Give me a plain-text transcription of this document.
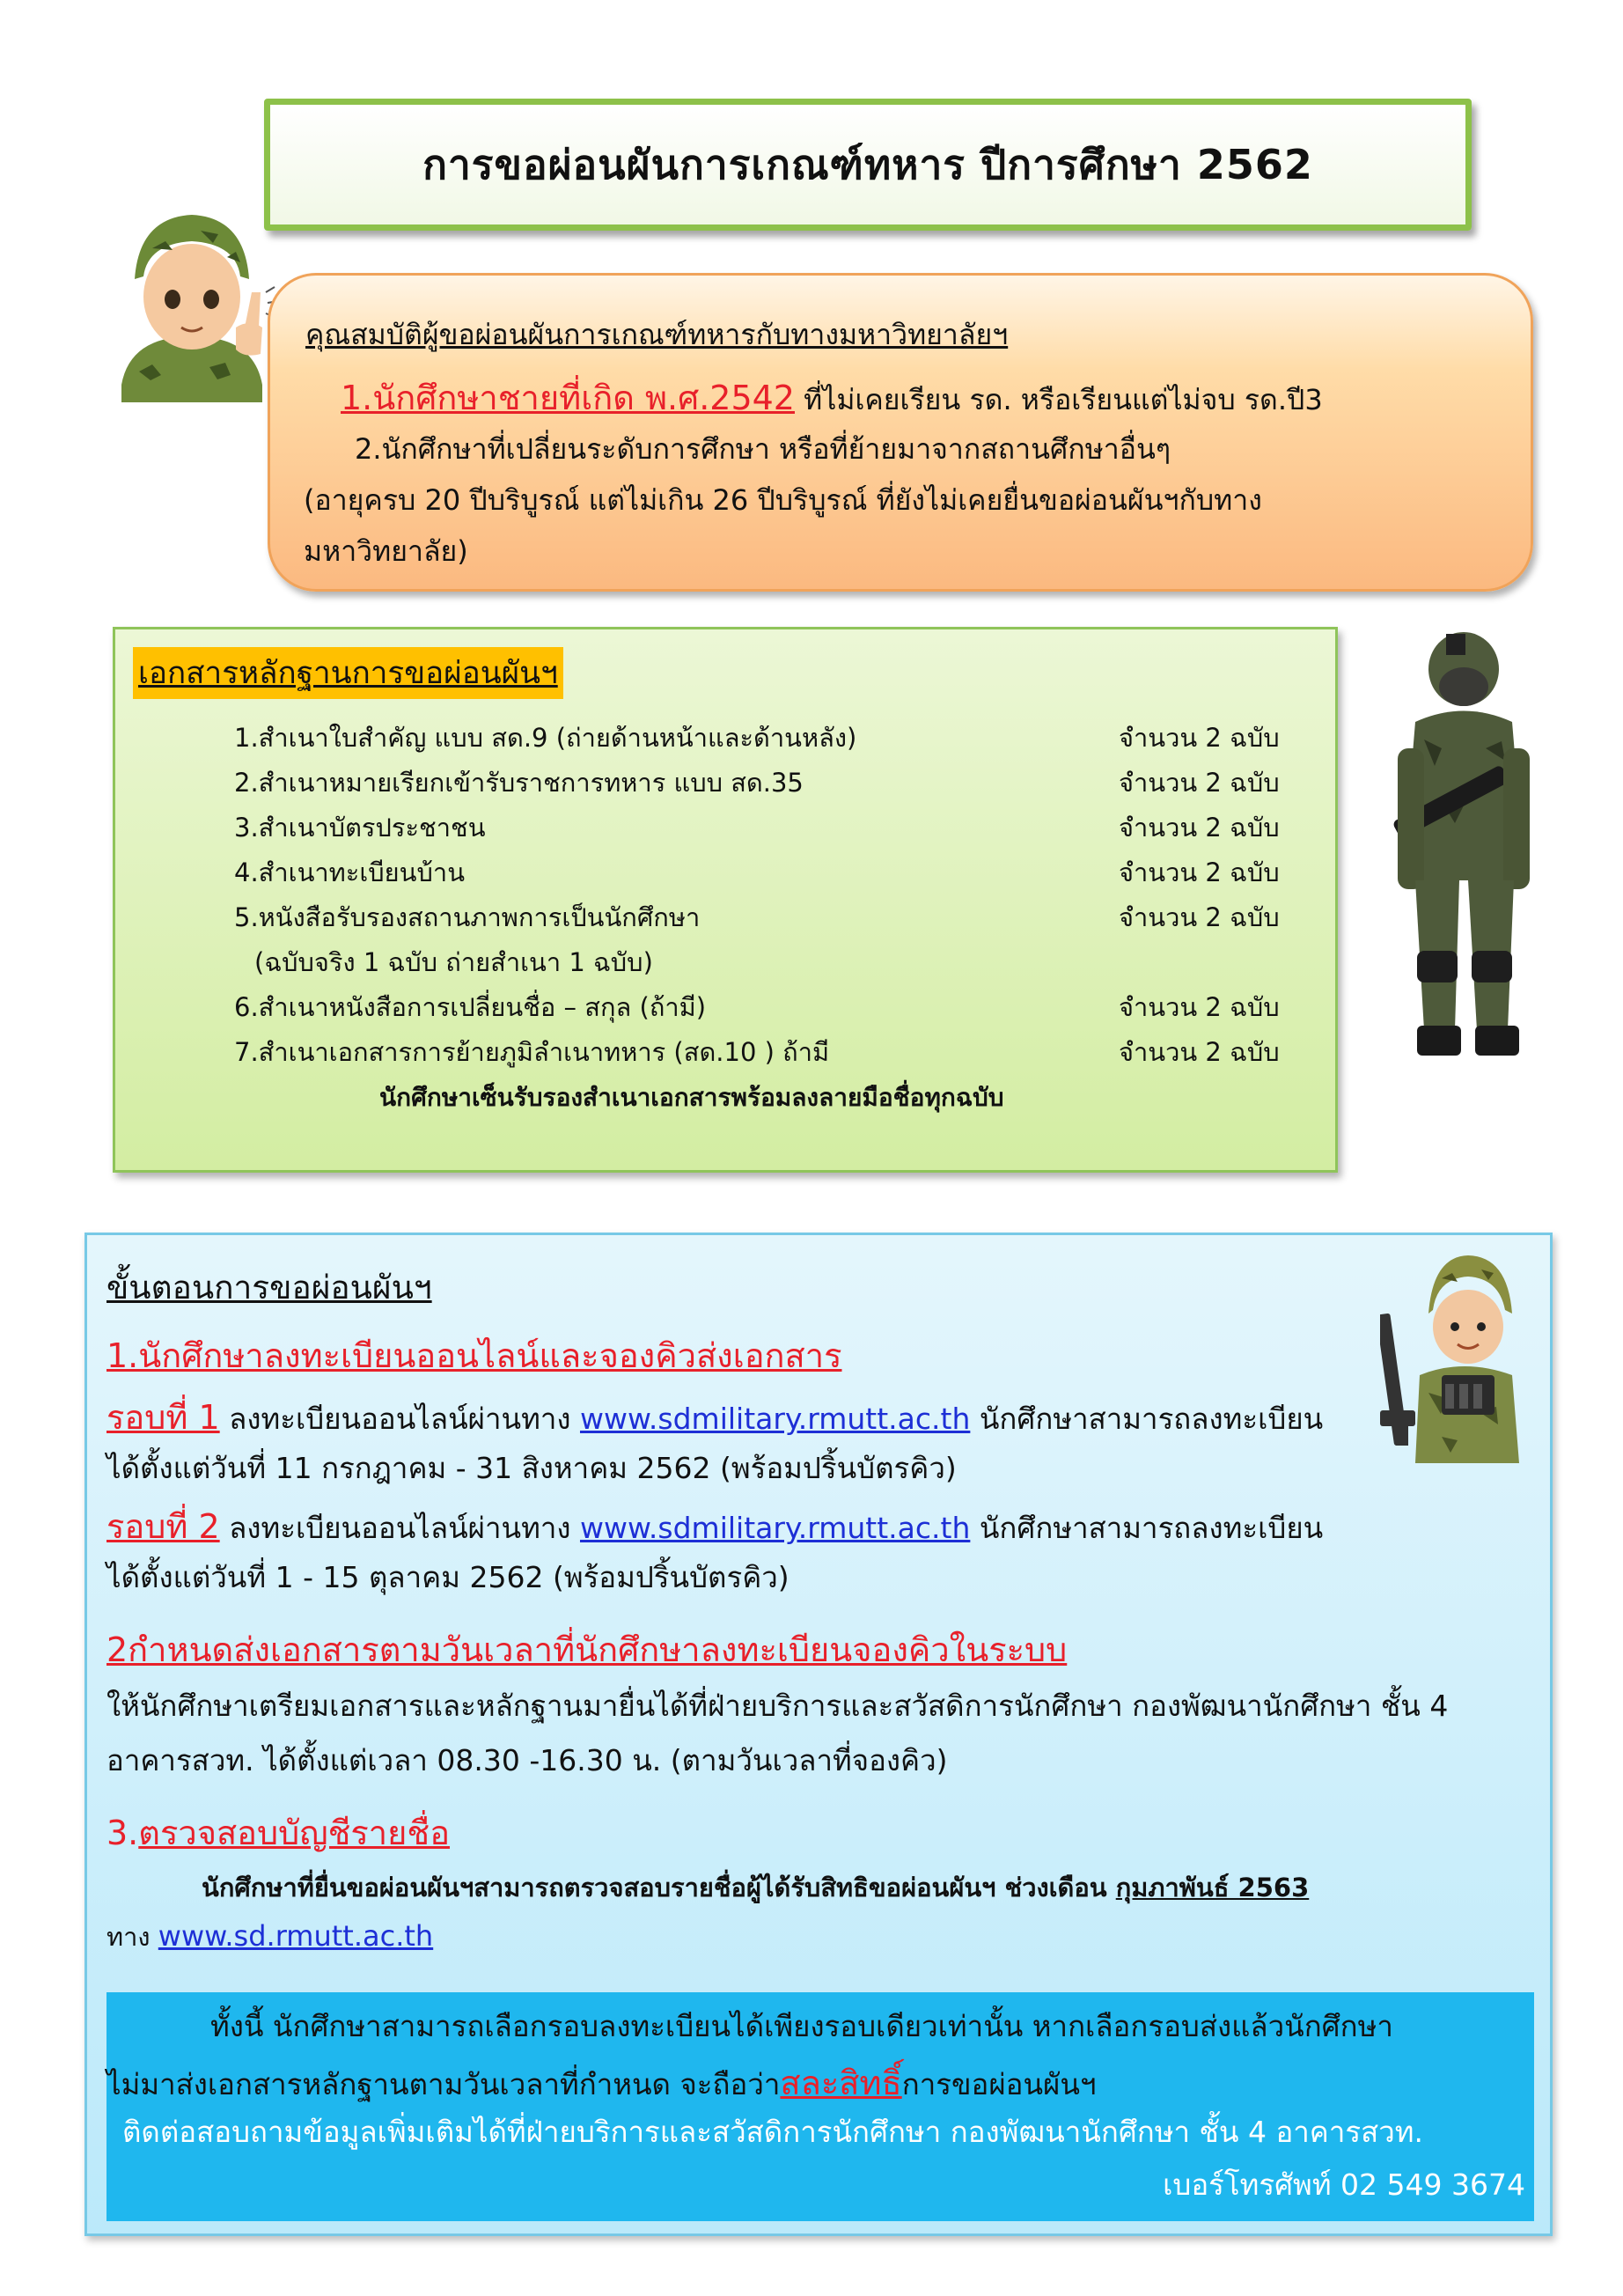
การขอผ่อนผันการเกณฑ์ทหาร ปีการศึกษา 2562
คุณสมบัติผู้ขอผ่อนผันการเกณฑ์ทหารกับทางมหาวิทยาลัยฯ
1.นักศึกษาชายที่เกิด พ.ศ.2542 ที่ไม่เคยเรียน รด. หรือเรียนแต่ไม่จบ รด.ปี3
2.นักศึกษาที่เปลี่ยนระดับการศึกษา หรือที่ย้ายมาจากสถานศึกษาอื่นๆ
(อายุครบ 20 ปีบริบูรณ์ แต่ไม่เกิน 26 ปีบริบูรณ์ ที่ยังไม่เคยยื่นขอผ่อนผันฯกับทาง
มหาวิทยาลัย)
เอกสารหลักฐานการขอผ่อนผันฯ
1.สำเนาใบสำคัญ แบบ สด.9 (ถ่ายด้านหน้าและด้านหลัง)	จำนวน 2 ฉบับ
2.สำเนาหมายเรียกเข้ารับราชการทหาร แบบ สด.35	จำนวน 2 ฉบับ
3.สำเนาบัตรประชาชน	จำนวน 2 ฉบับ
4.สำเนาทะเบียนบ้าน	จำนวน 2 ฉบับ
5.หนังสือรับรองสถานภาพการเป็นนักศึกษา	จำนวน 2 ฉบับ
(ฉบับจริง 1 ฉบับ ถ่ายสำเนา 1 ฉบับ)
6.สำเนาหนังสือการเปลี่ยนชื่อ – สกุล (ถ้ามี)	จำนวน 2 ฉบับ
7.สำเนาเอกสารการย้ายภูมิลำเนาทหาร (สด.10 ) ถ้ามี	จำนวน 2 ฉบับ
นักศึกษาเซ็นรับรองสำเนาเอกสารพร้อมลงลายมือชื่อทุกฉบับ
ขั้นตอนการขอผ่อนผันฯ
1.นักศึกษาลงทะเบียนออนไลน์และจองคิวส่งเอกสาร
รอบที่ 1 ลงทะเบียนออนไลน์ผ่านทาง www.sdmilitary.rmutt.ac.th นักศึกษาสามารถลงทะเบียน
ได้ตั้งแต่วันที่ 11 กรกฎาคม - 31 สิงหาคม 2562 (พร้อมปริ้นบัตรคิว)
รอบที่ 2 ลงทะเบียนออนไลน์ผ่านทาง www.sdmilitary.rmutt.ac.th นักศึกษาสามารถลงทะเบียน
ได้ตั้งแต่วันที่ 1 - 15 ตุลาคม 2562 (พร้อมปริ้นบัตรคิว)
2กำหนดส่งเอกสารตามวันเวลาที่นักศึกษาลงทะเบียนจองคิวในระบบ
ให้นักศึกษาเตรียมเอกสารและหลักฐานมายื่นได้ที่ฝ่ายบริการและสวัสดิการนักศึกษา กองพัฒนานักศึกษา ชั้น 4
อาคารสวท. ได้ตั้งแต่เวลา 08.30 -16.30 น. (ตามวันเวลาที่จองคิว)
3.ตรวจสอบบัญชีรายชื่อ
นักศึกษาที่ยื่นขอผ่อนผันฯสามารถตรวจสอบรายชื่อผู้ได้รับสิทธิขอผ่อนผันฯ ช่วงเดือน กุมภาพันธ์ 2563
ทาง www.sd.rmutt.ac.th
ทั้งนี้ นักศึกษาสามารถเลือกรอบลงทะเบียนได้เพียงรอบเดียวเท่านั้น หากเลือกรอบส่งแล้วนักศึกษา
ไม่มาส่งเอกสารหลักฐานตามวันเวลาที่กำหนด จะถือว่าสละสิทธิ์การขอผ่อนผันฯ
ติดต่อสอบถามข้อมูลเพิ่มเติมได้ที่ฝ่ายบริการและสวัสดิการนักศึกษา กองพัฒนานักศึกษา ชั้น 4 อาคารสวท.
เบอร์โทรศัพท์ 02 549 3674
